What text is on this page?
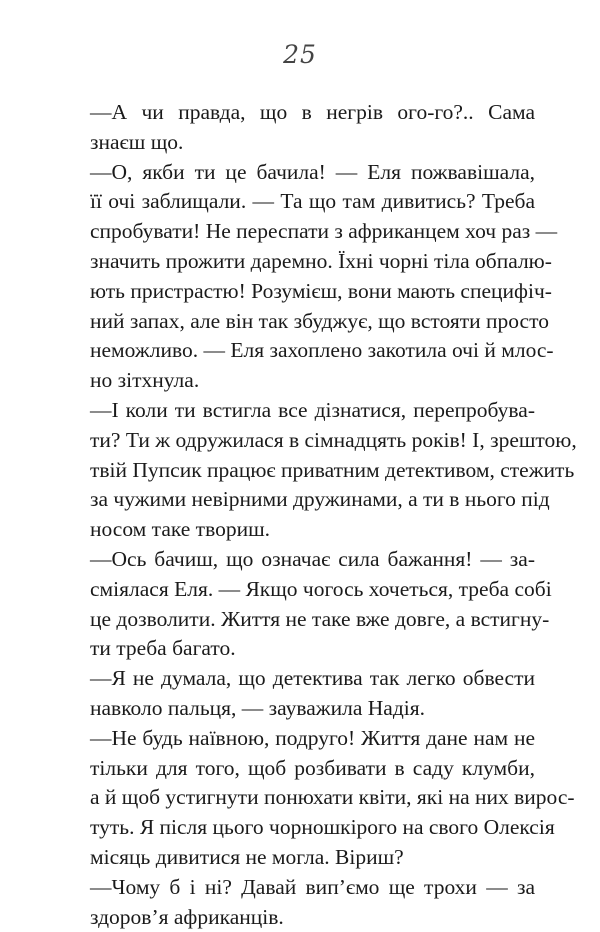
25
—А чи правда, що в негрів ого-го?.. Сама
знаєш що.
—О, якби ти це бачила! — Еля пожвавішала,
її очі заблищали. — Та що там дивитись? Треба
спробувати! Не переспати з африканцем хоч раз —
значить прожити даремно. Їхні чорні тіла обпалю-
ють пристрастю! Розумієш, вони мають специфіч-
ний запах, але він так збуджує, що встояти просто
неможливо. — Еля захоплено закотила очі й млос-
но зітхнула.
—І коли ти встигла все дізнатися, перепробува-
ти? Ти ж одружилася в сімнадцять років! І, зрештою,
твій Пупсик працює приватним детективом, стежить
за чужими невірними дружинами, а ти в нього під
носом таке твориш.
—Ось бачиш, що означає сила бажання! — за-
сміялася Еля. — Якщо чогось хочеться, треба собі
це дозволити. Життя не таке вже довге, а встигну-
ти треба багато.
—Я не думала, що детектива так легко обвести
навколо пальця, — зауважила Надія.
—Не будь наївною, подруго! Життя дане нам не
тільки для того, щоб розбивати в саду клумби,
а й щоб устигнути понюхати квіти, які на них вирос-
туть. Я після цього чорношкірого на свого Олексія
місяць дивитися не могла. Віриш?
—Чому б і ні? Давай вип’ємо ще трохи — за
здоров’я африканців.
